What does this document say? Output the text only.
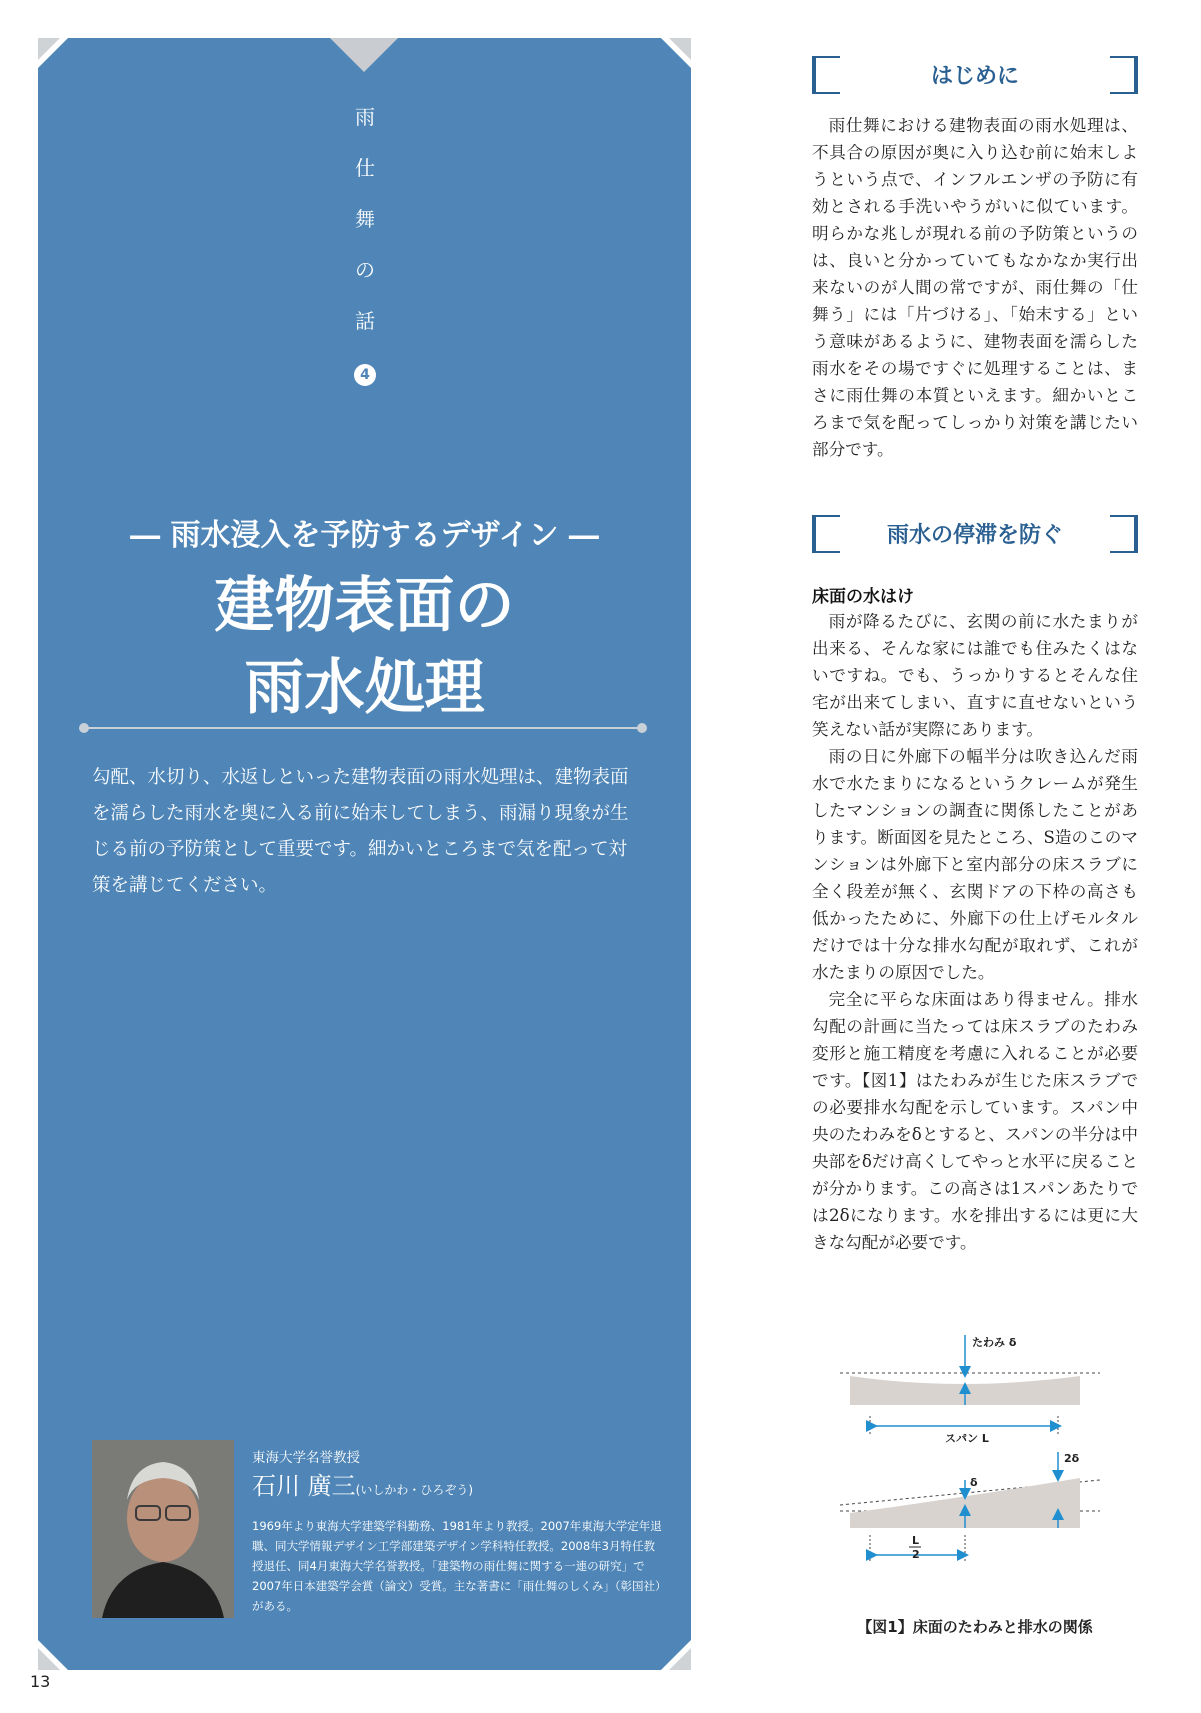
雨
仕
舞
の
話
4
― 雨水浸入を予防するデザイン ―
建物表面の
雨水処理
勾配、水切り、水返しといった建物表面の雨水処理は、建物表面を濡らした雨水を奥に入る前に始末してしまう、雨漏り現象が生じる前の予防策として重要です。細かいところまで気を配って対策を講じてください。
東海大学名誉教授
石川 廣三(いしかわ・ひろぞう)
1969年より東海大学建築学科勤務、1981年より教授。2007年東海大学定年退職、同大学情報デザイン工学部建築デザイン学科特任教授。2008年3月特任教授退任、同4月東海大学名誉教授。「建築物の雨仕舞に関する一連の研究」で2007年日本建築学会賞（論文）受賞。主な著書に「雨仕舞のしくみ」（彰国社）がある。
13
はじめに

雨仕舞における建物表面の雨水処理は、不具合の原因が奥に入り込む前に始末しようという点で、インフルエンザの予防に有効とされる手洗いやうがいに似ています。明らかな兆しが現れる前の予防策というのは、良いと分かっていてもなかなか実行出来ないのが人間の常ですが、雨仕舞の「仕舞う」には「片づける」、「始末する」という意味があるように、建物表面を濡らした雨水をその場ですぐに処理することは、まさに雨仕舞の本質といえます。細かいところまで気を配ってしっかり対策を講じたい部分です。

雨水の停滞を防ぐ
床面の水はけ

雨が降るたびに、玄関の前に水たまりが出来る、そんな家には誰でも住みたくはないですね。でも、うっかりするとそんな住宅が出来てしまい、直すに直せないという笑えない話が実際にあります。

雨の日に外廊下の幅半分は吹き込んだ雨水で水たまりになるというクレームが発生したマンションの調査に関係したことがあります。断面図を見たところ、S造のこのマンションは外廊下と室内部分の床スラブに全く段差が無く、玄関ドアの下枠の高さも低かったために、外廊下の仕上げモルタルだけでは十分な排水勾配が取れず、これが水たまりの原因でした。

完全に平らな床面はあり得ません。排水勾配の計画に当たっては床スラブのたわみ変形と施工精度を考慮に入れることが必要です。【図1】はたわみが生じた床スラブでの必要排水勾配を示しています。スパン中央のたわみをδとすると、スパンの半分は中央部をδだけ高くしてやっと水平に戻ることが分かります。この高さは1スパンあたりでは2δになります。水を排出するには更に大きな勾配が必要です。

たわみ δ
スパン L
δ
2δ
L
2
【図1】床面のたわみと排水の関係
